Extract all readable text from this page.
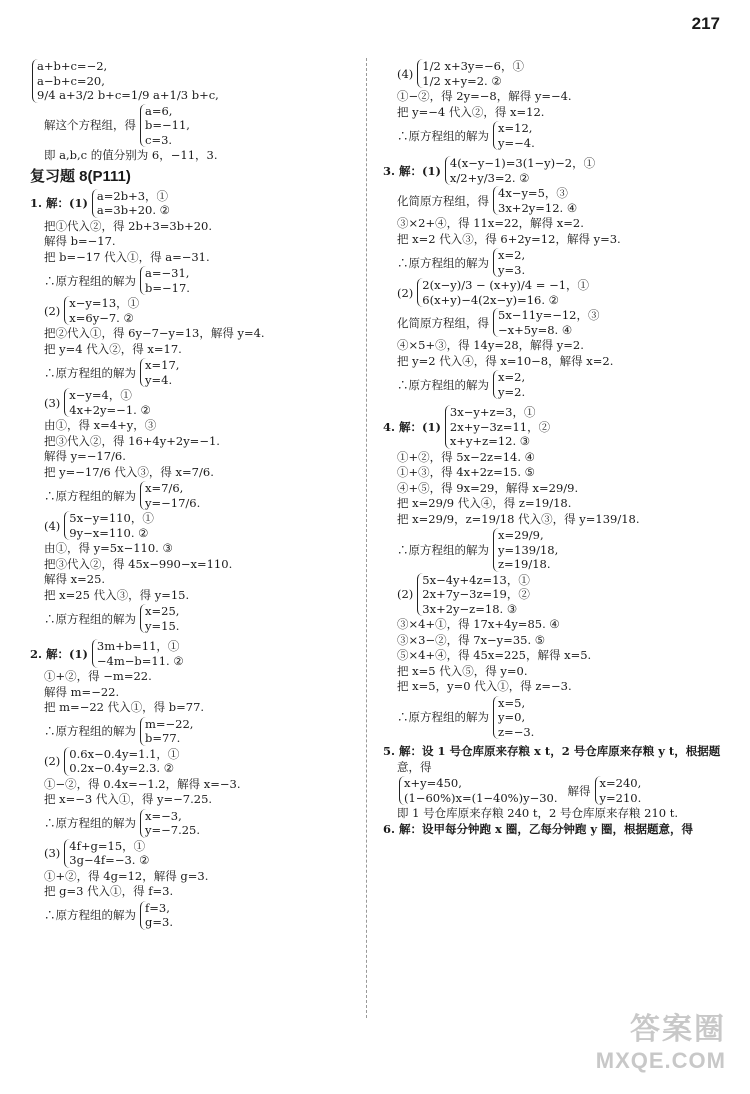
217
a+b+c=−2,
a−b+c=20,
9/4 a+3/2 b+c=1/9 a+1/3 b+c,
解这个方程组，得
a=6,
b=−11,
c=3.
即 a,b,c 的值分别为 6，−11，3.
复习题 8(P111)
1. 解：(1)
a=2b+3，①
a=3b+20. ②
把①代入②，得 2b+3=3b+20.
解得 b=−17.
把 b=−17 代入①，得 a=−31.
∴原方程组的解为
a=−31,
b=−17.
(2)
x−y=13，①
x=6y−7. ②
把②代入①，得 6y−7−y=13，解得 y=4.
把 y=4 代入②，得 x=17.
∴原方程组的解为
x=17,
y=4.
(3)
x−y=4，①
4x+2y=−1. ②
由①，得 x=4+y，③
把③代入②，得 16+4y+2y=−1.
解得 y=−17/6.
把 y=−17/6 代入③，得 x=7/6.
∴原方程组的解为
x=7/6,
y=−17/6.
(4)
5x−y=110，①
9y−x=110. ②
由①，得 y=5x−110. ③
把③代入②，得 45x−990−x=110.
解得 x=25.
把 x=25 代入③，得 y=15.
∴原方程组的解为
x=25,
y=15.
2. 解：(1)
3m+b=11，①
−4m−b=11. ②
①+②，得 −m=22.
解得 m=−22.
把 m=−22 代入①，得 b=77.
∴原方程组的解为
m=−22,
b=77.
(2)
0.6x−0.4y=1.1，①
0.2x−0.4y=2.3. ②
①−②，得 0.4x=−1.2，解得 x=−3.
把 x=−3 代入①，得 y=−7.25.
∴原方程组的解为
x=−3,
y=−7.25.
(3)
4f+g=15，①
3g−4f=−3. ②
①+②，得 4g=12，解得 g=3.
把 g=3 代入①，得 f=3.
∴原方程组的解为
f=3,
g=3.
(4)
1/2 x+3y=−6，①
1/2 x+y=2. ②
①−②，得 2y=−8，解得 y=−4.
把 y=−4 代入②，得 x=12.
∴原方程组的解为
x=12,
y=−4.
3. 解：(1)
4(x−y−1)=3(1−y)−2，①
x/2+y/3=2. ②
化简原方程组，得
4x−y=5，③
3x+2y=12. ④
③×2+④，得 11x=22，解得 x=2.
把 x=2 代入③，得 6+2y=12，解得 y=3.
∴原方程组的解为
x=2,
y=3.
(2)
2(x−y)/3 − (x+y)/4 = −1，①
6(x+y)−4(2x−y)=16. ②
化简原方程组，得
5x−11y=−12，③
−x+5y=8. ④
④×5+③，得 14y=28，解得 y=2.
把 y=2 代入④，得 x=10−8，解得 x=2.
∴原方程组的解为
x=2,
y=2.
4. 解：(1)
3x−y+z=3，①
2x+y−3z=11，②
x+y+z=12. ③
①+②，得 5x−2z=14. ④
①+③，得 4x+2z=15. ⑤
④+⑤，得 9x=29，解得 x=29/9.
把 x=29/9 代入④，得 z=19/18.
把 x=29/9，z=19/18 代入③，得 y=139/18.
∴原方程组的解为
x=29/9,
y=139/18,
z=19/18.
(2)
5x−4y+4z=13，①
2x+7y−3z=19，②
3x+2y−z=18. ③
③×4+①，得 17x+4y=85. ④
③×3−②，得 7x−y=35. ⑤
⑤×4+④，得 45x=225，解得 x=5.
把 x=5 代入⑤，得 y=0.
把 x=5，y=0 代入①，得 z=−3.
∴原方程组的解为
x=5,
y=0,
z=−3.
5. 解：设 1 号仓库原来存粮 x t，2 号仓库原来存粮 y t，根据题
意，得
x+y=450,
(1−60%)x=(1−40%)y−30. 解得
x=240,
y=210.
即 1 号仓库原来存粮 240 t，2 号仓库原来存粮 210 t.
6. 解：设甲每分钟跑 x 圈，乙每分钟跑 y 圈，根据题意，得
答案圈
MXQE.COM
